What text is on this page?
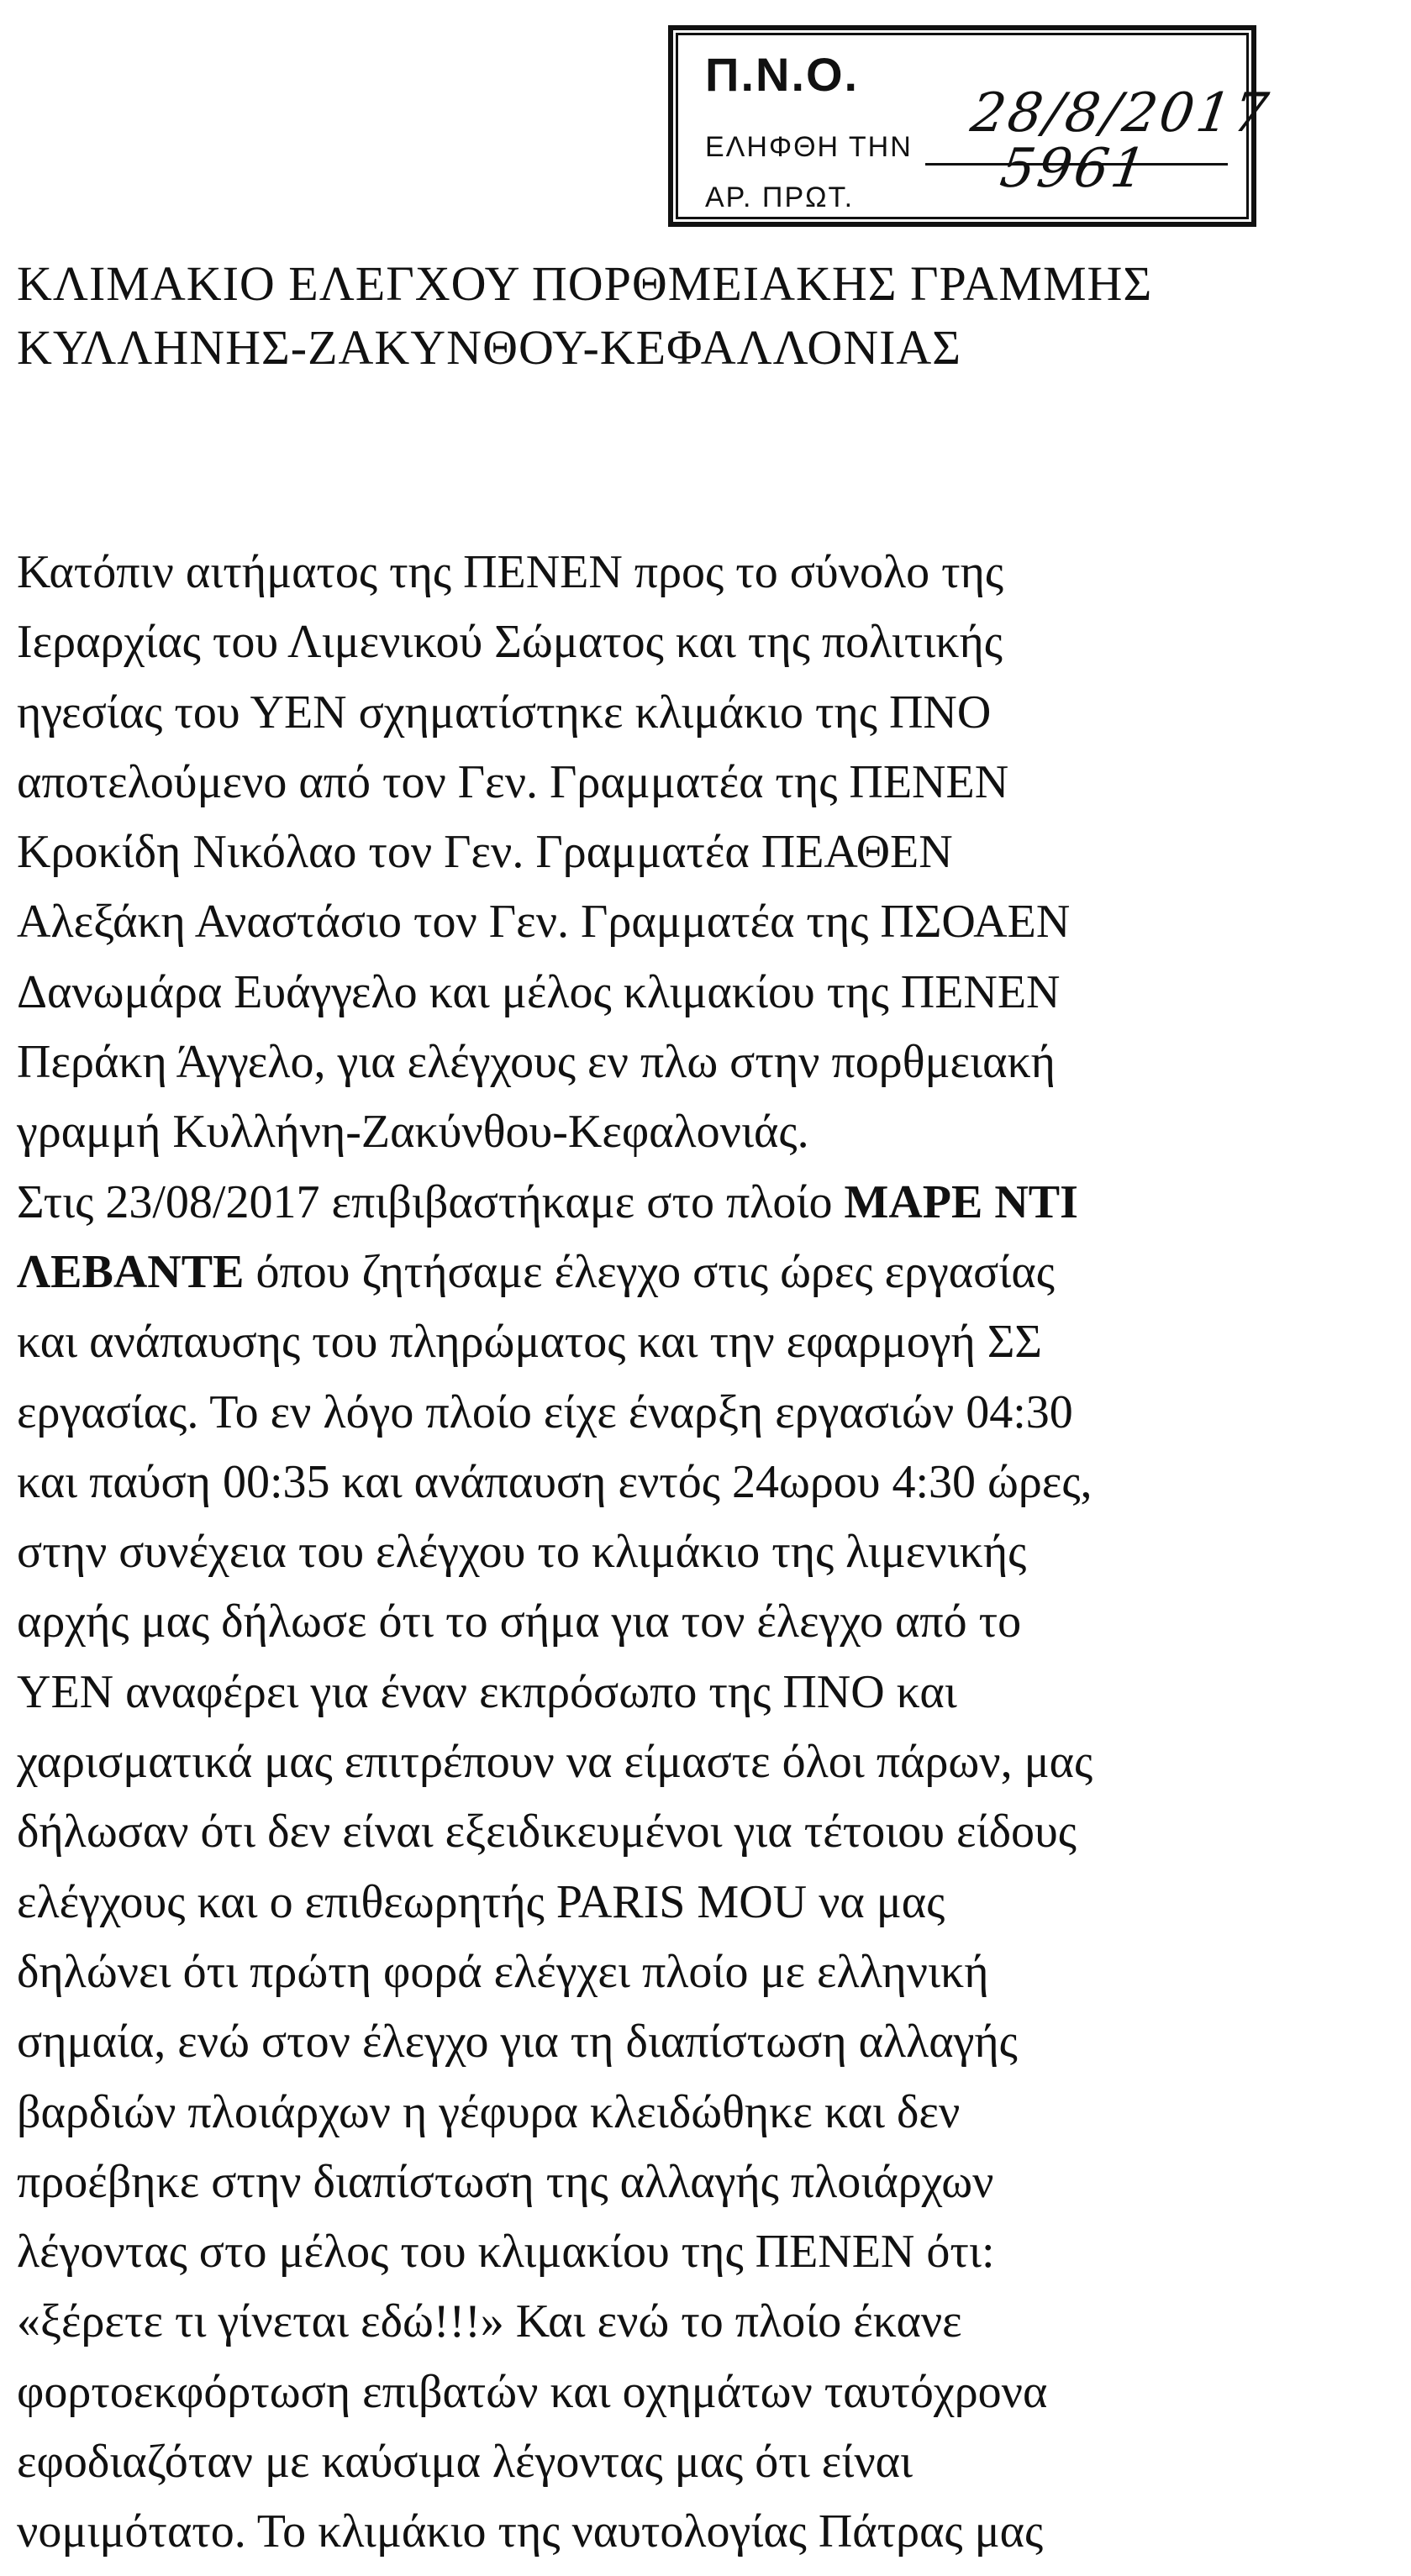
Π.Ν.Ο.
ΕΛΗΦΘΗ ΤΗΝ
28/8/2017
ΑΡ. ΠΡΩΤ.	5961
ΚΛΙΜΑΚΙΟ ΕΛΕΓΧΟΥ ΠΟΡΘΜΕΙΑΚΗΣ ΓΡΑΜΜΗΣ
ΚΥΛΛΗΝΗΣ-ΖΑΚΥΝΘΟΥ-ΚΕΦΑΛΛΟΝΙΑΣ
Κατόπιν αιτήματος της ΠΕΝΕΝ προς το σύνολο της
Ιεραρχίας του Λιμενικού Σώματος και της πολιτικής
ηγεσίας του ΥΕΝ σχηματίστηκε κλιμάκιο της ΠΝΟ
αποτελούμενο από τον Γεν. Γραμματέα της ΠΕΝΕΝ
Κροκίδη Νικόλαο τον Γεν. Γραμματέα ΠΕΑΘΕΝ
Αλεξάκη Αναστάσιο τον Γεν. Γραμματέα της ΠΣΟΑΕΝ
Δανωμάρα Ευάγγελο και μέλος κλιμακίου της ΠΕΝΕΝ
Περάκη Άγγελο, για ελέγχους εν πλω στην πορθμειακή
γραμμή Κυλλήνη-Ζακύνθου-Κεφαλονιάς.
Στις 23/08/2017 επιβιβαστήκαμε στο πλοίο ΜΑΡΕ ΝΤΙ
ΛΕΒΑΝΤΕ όπου ζητήσαμε έλεγχο στις ώρες εργασίας
και ανάπαυσης του πληρώματος και την εφαρμογή ΣΣ
εργασίας. Το εν λόγο πλοίο είχε έναρξη εργασιών 04:30
και παύση 00:35 και ανάπαυση εντός 24ωρου 4:30 ώρες,
στην συνέχεια του ελέγχου το κλιμάκιο της λιμενικής
αρχής μας δήλωσε ότι το σήμα για τον έλεγχο από το
ΥΕΝ αναφέρει για έναν εκπρόσωπο της ΠΝΟ και
χαρισματικά μας επιτρέπουν να είμαστε όλοι πάρων, μας
δήλωσαν ότι δεν είναι εξειδικευμένοι για τέτοιου είδους
ελέγχους και ο επιθεωρητής PARIS MOU να μας
δηλώνει ότι πρώτη φορά ελέγχει πλοίο με ελληνική
σημαία, ενώ στον έλεγχο για τη διαπίστωση αλλαγής
βαρδιών πλοιάρχων η γέφυρα κλειδώθηκε και δεν
προέβηκε στην διαπίστωση της αλλαγής πλοιάρχων
λέγοντας στο μέλος του κλιμακίου της ΠΕΝΕΝ ότι:
«ξέρετε τι γίνεται εδώ!!!» Και ενώ το πλοίο έκανε
φορτοεκφόρτωση επιβατών και οχημάτων ταυτόχρονα
εφοδιαζόταν με καύσιμα λέγοντας μας ότι είναι
νομιμότατο. Το κλιμάκιο της ναυτολογίας Πάτρας μας
